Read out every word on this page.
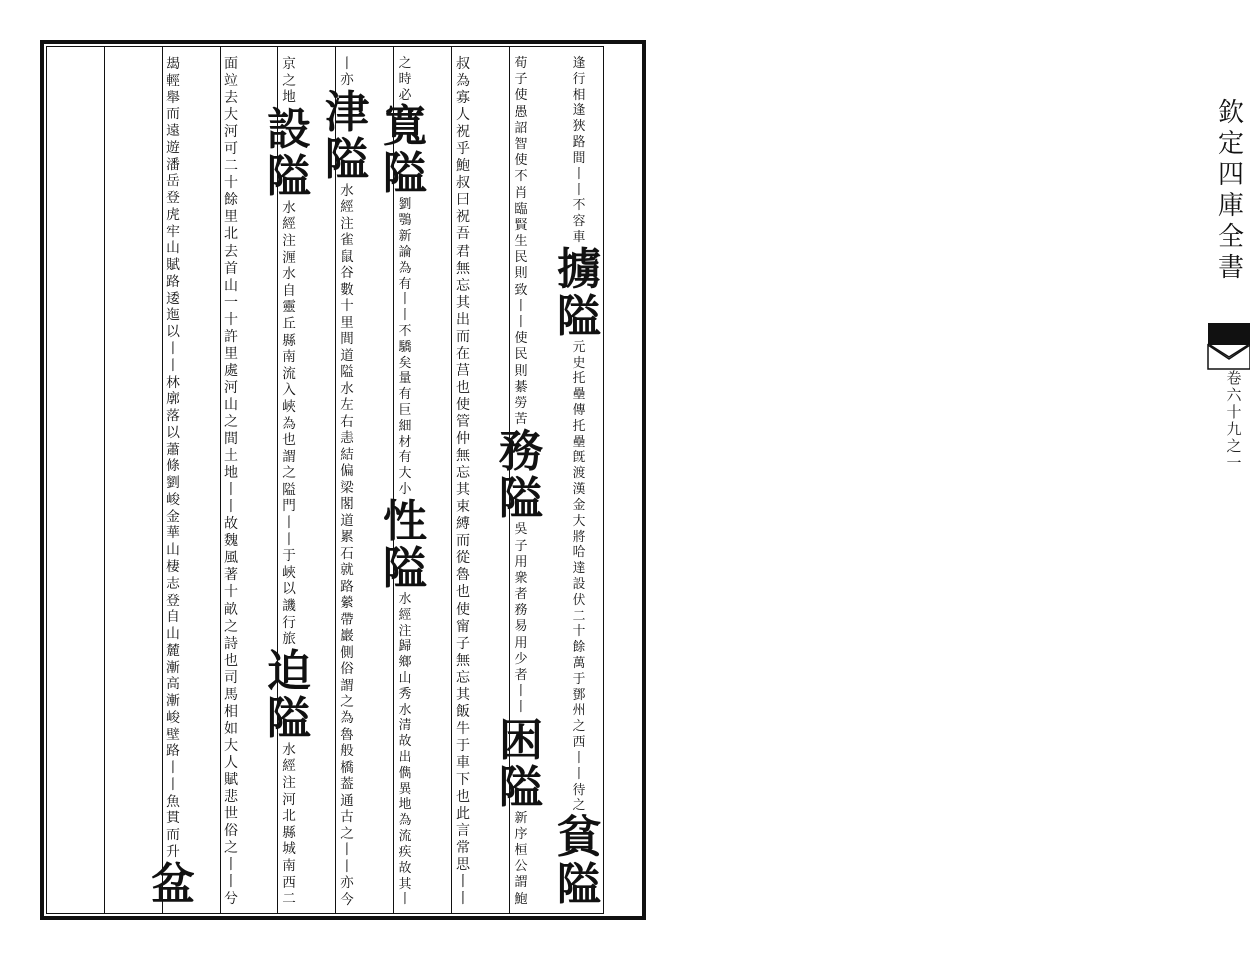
欽
定
四
庫
全
書
卷
六
十
九
之
一
逢
行
相
逢
狹
路
間
丨
丨
不
容
車
擄
隘
元
史
托
壘
傳
托
壘
旣
渡
漢
金
大
將
哈
達
設
伏
二
十
餘
萬
于
鄧
州
之
西
丨
丨
待
之
貧
隘
荀
子
使
愚
詔
智
使
不
肖
臨
賢
生
民
則
致
丨
丨
使
民
則
綦
勞
苦
務
隘
吳
子
用
衆
者
務
易
用
少
者
丨
丨
困
隘
新
序
桓
公
謂
鮑
叔
為
寡
人
祝
乎
鮑
叔
曰
祝
吾
君
無
忘
其
出
而
在
莒
也
使
管
仲
無
忘
其
束
縛
而
從
魯
也
使
甯
子
無
忘
其
飯
牛
于
車
下
也
此
言
常
思
丨
丨
之
時
必
寬
隘
劉
鶚
新
論
為
有
丨
丨
不
驕
矣
量
有
巨
細
材
有
大
小
性
隘
水
經
注
歸
鄉
山
秀
水
清
故
出
儁
異
地
為
流
疾
故
其
丨
丨
亦
津
隘
水
經
注
雀
鼠
谷
數
十
里
間
道
隘
水
左
右
恚
結
偏
梁
閣
道
累
石
就
路
縈
帶
巖
側
俗
謂
之
為
魯
般
橋
葢
通
古
之
丨
丨
亦
今
京
之
地
設
隘
水
經
注
湹
水
自
靈
丘
縣
南
流
入
峽
為
也
謂
之
隘
門
丨
丨
于
峽
以
譏
行
旅
迫
隘
水
經
注
河
北
縣
城
南
西
二
面
竝
去
大
河
可
二
十
餘
里
北
去
首
山
一
十
許
里
處
河
山
之
間
土
地
丨
丨
故
魏
風
著
十
畝
之
詩
也
司
馬
相
如
大
人
賦
悲
世
俗
之
丨
丨
兮
朅
輕
舉
而
遠
遊
潘
岳
登
虎
牢
山
賦
路
逶
迤
以
丨
丨
林
廓
落
以
蕭
條
劉
峻
金
華
山
棲
志
登
自
山
麓
漸
高
漸
峻
壁
路
丨
丨
魚
貫
而
升
盆
